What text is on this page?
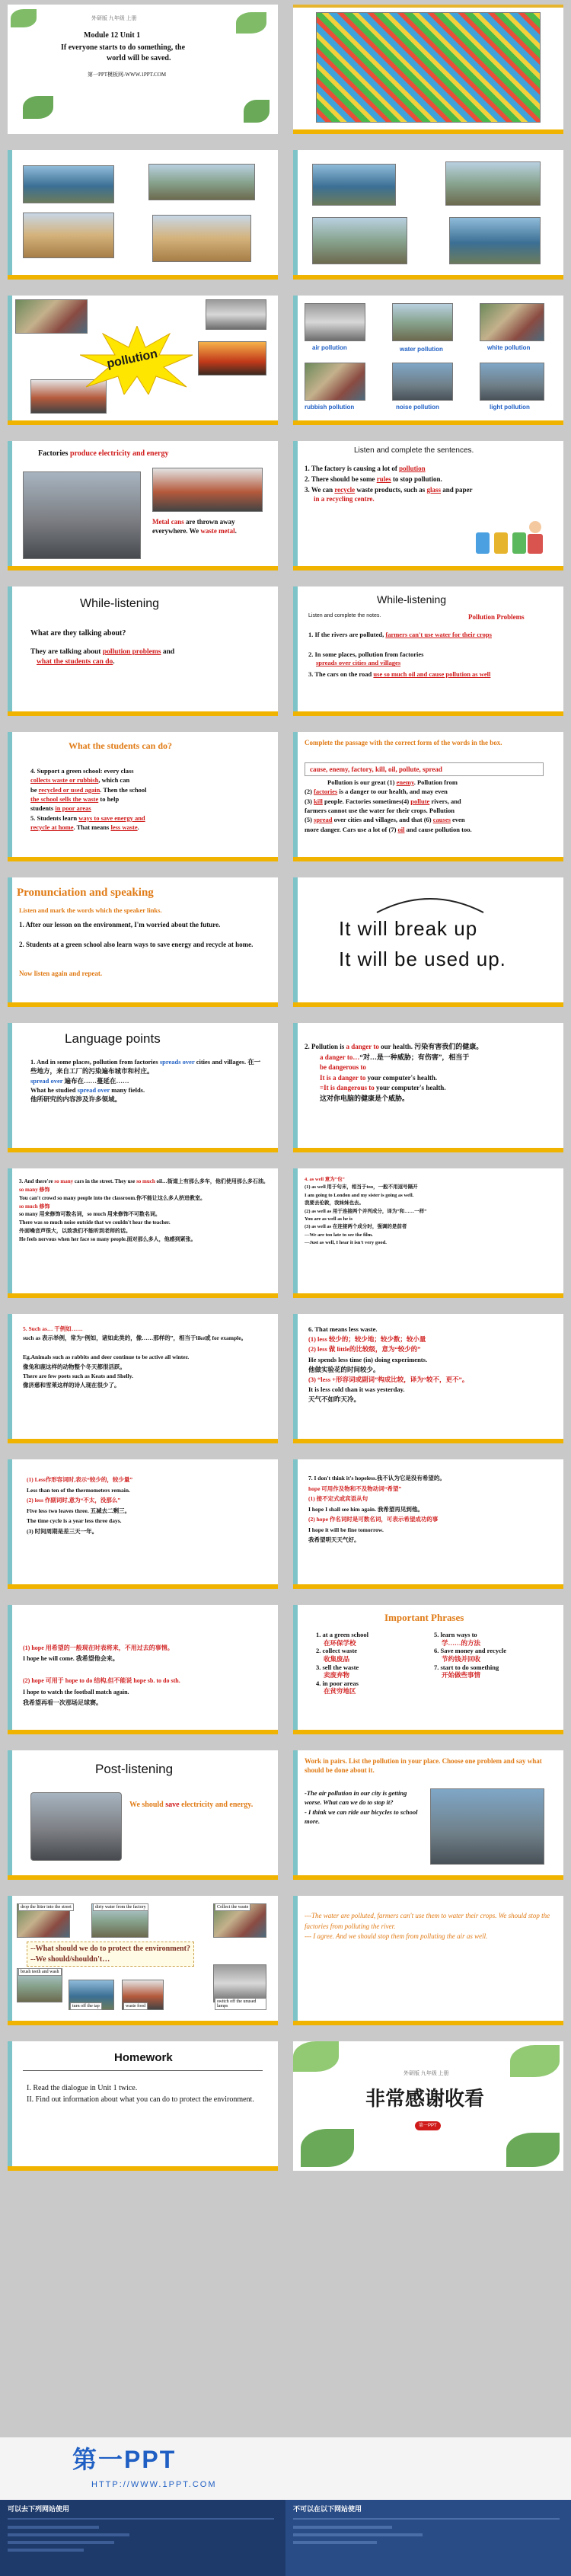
外研版 九年级 上册
Module 12 Unit 1
If everyone starts to do something, the
world will be saved.
第一PPT模板网-WWW.1PPT.COM
pollution	air pollution	water pollution	white pollution
rubbish pollution	noise pollution	light pollution
Factories produce electricity and energy
Metal cans are thrown away everywhere. We waste metal.
Listen and complete the sentences.
1. The factory is causing a lot of pollution
2. There should be some rules to stop pollution.
3. We can recycle waste products, such as glass and paper
in a recycling centre.
While-listening
What are they talking about?
They are talking about pollution problems and
what the students can do.
While-listening
Listen and complete the notes.	Pollution Problems
1. If the rivers are polluted, farmers can't use water for their crops
2. In some places, pollution from factories
spreads over cities and villages
3. The cars on the road use so much oil and cause pollution as well
What the students can do?
4. Support a green school: every class
collects waste or rubbish, which can
be recycled or used again. Then the school
the school sells the waste to help
students in poor areas
5. Students learn ways to save energy and
recycle at home. That means less waste.
Complete the passage with the correct form of the words in the box.
cause, enemy, factory, kill, oil, pollute, spread
Pollution is our great (1) enemy. Pollution from
(2) factories is a danger to our health, and may even
(3) kill people. Factories sometimes(4) pollute rivers, and
farmers cannot use the water for their crops. Pollution
(5) spread over cities and villages, and that (6) causes even
more danger. Cars use a lot of (7) oil and cause pollution too.
Pronunciation and speaking
Listen and mark the words which the speaker links.
1. After our lesson on the environment, I'm worried about the future.
2. Students at a green school also learn ways to save energy and recycle at home.
Now listen again and repeat.
It will break up
It will be used up.
Language points
1. And in some places, pollution from factories spreads over cities and villages. 在一些地方，来自工厂的污染遍布城市和村庄。
spread over 遍布在……蔓延在……
What he studied spread over many fields.
他所研究的内容涉及许多领域。
2. Pollution is a danger to our health. 污染有害我们的健康。
a danger to…“对…是一种威胁；有伤害”，相当于
be dangerous to
It is a danger to your computer's health.
=It is dangerous to your computer's health.
这对你电脑的健康是个威胁。
3. And there're so many cars in the street. They use so much oil…街道上有那么多车，他们使用那么多石油。
so many 修饰
You can't crowd so many people into the classroom.你不能让这么多人挤进教室。
so much 修饰
so many 用来修饰可数名词，so much 用来修饰不可数名词。
There was so much noise outside that we couldn't hear the teacher.
外面噪音声很大，以致我们不能听到老师的话。
He feels nervous when her face so many people.面对那么多人，他感到紧张。
4. as well 意为“也”
(1) as well 用于句末，相当于too，一般不用逗号隔开
I am going to London and my sister is going as well.
我要去伦敦，我妹妹也去。
(2) as well as 用于连接两个并列成分，译为“和……一样”
You are as well as he is
(3) as well as 在连接两个成分时，强调的是前者
—We are too late to see the film.
—Just as well, I hear it isn't very good.
5. Such as… 干例如……
such as 表示举例，常为“例如，诸如此类的，像……那样的”，相当于like或 for example。

Eg.Animals such as rabbits and deer continue to be active all winter.
像兔和鹿这样的动物整个冬天都很活跃。
There are few poets such as Keats and Shelly.
像济慈和雪莱这样的诗人现在很少了。
6. That means less waste.
(1) less 较少的；较少地；较少数；较小量
(2) less 做 little的比较级，意为“较少的”
He spends less time (in) doing experiments.
他做实验花的时间较少。
(3) “less +形容词或副词”构成比较，译为“较不，更不”。
It is less cold than it was yesterday.
天气不如昨天冷。
(1) Less作形容词时,表示“较少的，较少量”
Less than ten of the thermometers remain.
(2) less 作副词时,意为“不太，没那么”
Five less two leaves three. 五减去二剩三。
The time cycle is a year less three days.
(3) 时间周期是差三天一年。
7. I don't think it's hopeless.我不认为它是没有希望的。
hope 可用作及物和不及物动词“希望”
(1) 接不定式或宾语从句
I hope I shall see him again. 我希望再见到他。
(2) hope 作名词时是可数名词，可表示希望成功的事
I hope it will be fine tomorrow.
我希望明天天气好。
(1) hope 用希望的一般现在时表将来，不用过去的事情。
I hope he will come. 我希望他会来。

(2) hope 可用于 hope to do 结构,但不能说 hope sb. to do sth.
I hope to watch the football match again.
我希望再看一次那场足球赛。
Important Phrases
1. at a green school
在环保学校
2. collect waste
收集废品
3. sell the waste
卖废弃物
4. in poor areas
在贫穷地区
5. learn ways to
学……的方法
6. Save money and recycle
节约钱并回收
7. start to do something
开始做些事情
Post-listening
We should save electricity and energy.
Work in pairs. List the pollution in your place. Choose one problem and say what should be done about it.
-The air pollution in our city is getting worse. What can we do to stop it?
- I think we can ride our bicycles to school more.
drop the litter into the street	dirty water from the factory	Collect the waste
brush teeth and wash
turn off the tap	waste food
switch off the unused lamps
--What should we do to protect the environment?
--We should/shouldn't…
---The water are polluted, farmers can't use them to water their crops. We should stop the factories from polluting the river.
--- I agree. And we should stop them from polluting the air as well.
Homework
I. Read the dialogue in Unit 1 twice.
II. Find out information about what you can do to protect the environment.
外研版 九年级 上册
非常感谢收看
第一PPT
第一PPT
HTTP://WWW.1PPT.COM
可以去下列网站使用	不可以在以下网站使用
